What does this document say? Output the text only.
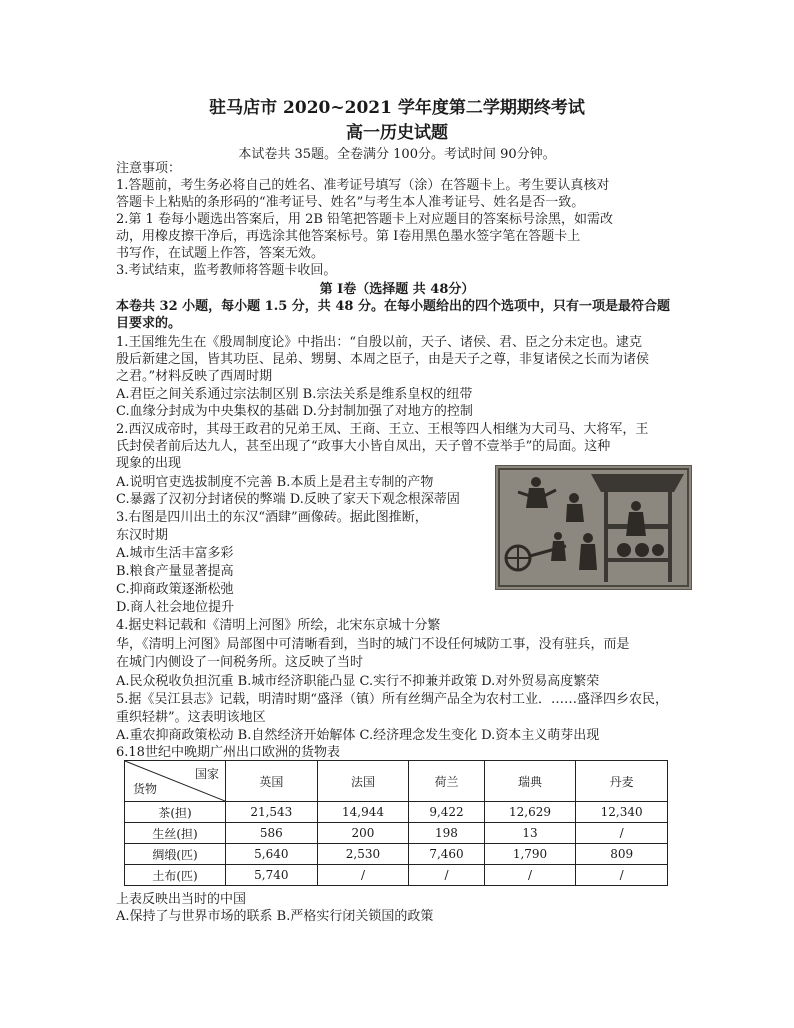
驻马店市 2020~2021 学年度第二学期期终考试
高一历史试题
本试卷共 35题。全卷满分 100分。考试时间 90分钟。
注意事项：
1.答题前，考生务必将自己的姓名、准考证号填写（涂）在答题卡上。考生要认真核对
答题卡上粘贴的条形码的“准考证号、姓名”与考生本人准考证号、姓名是否一致。
2.第 1 卷每小题选出答案后，用 2B 铅笔把答题卡上对应题目的答案标号涂黑，如需改
动，用橡皮擦干净后，再选涂其他答案标号。第 I卷用黑色墨水签字笔在答题卡上
书写作，在试题上作答，答案无效。
3.考试结束，监考教师将答题卡收回。
第 I卷（选择题 共 48分）
本卷共 32 小题，每小题 1.5 分，共 48 分。在每小题给出的四个选项中，只有一项是最符合题
目要求的。
1.王国维先生在《殷周制度论》中指出：“自殷以前，天子、诸侯、君、臣之分未定也。逮克
殷后新建之国，皆其功臣、昆弟、甥舅、本周之臣子，由是天子之尊，非复诸侯之长而为诸侯
之君。”材料反映了西周时期
A.君臣之间关系通过宗法制区别 B.宗法关系是维系皇权的纽带
C.血缘分封成为中央集权的基础 D.分封制加强了对地方的控制
2.西汉成帝时，其母王政君的兄弟王凤、王商、王立、王根等四人相继为大司马、大将军，王
氏封侯者前后达九人，甚至出现了“政事大小皆自凤出，天子曾不壹举手”的局面。这种
现象的出现
A.说明官吏选拔制度不完善 B.本质上是君主专制的产物
C.暴露了汉初分封诸侯的弊端 D.反映了家天下观念根深蒂固
3.右图是四川出土的东汉“酒肆”画像砖。据此图推断，
东汉时期
A.城市生活丰富多彩
B.粮食产量显著提高
C.抑商政策逐渐松弛
D.商人社会地位提升
4.据史料记载和《清明上河图》所绘，北宋东京城十分繁
华，《清明上河图》局部图中可清晰看到，当时的城门不设任何城防工事，没有驻兵，而是
在城门内侧设了一间税务所。这反映了当时
A.民众税收负担沉重 B.城市经济职能凸显 C.实行不抑兼并政策 D.对外贸易高度繁荣
5.据《吴江县志》记载，明清时期“盛泽（镇）所有丝绸产品全为农村工业．……盛泽四乡农民，
重织轻耕”。这表明该地区
A.重农抑商政策松动 B.自然经济开始解体 C.经济理念发生变化 D.资本主义萌芽出现
6.18世纪中晚期广州出口欧洲的货物表
国家
货物	英国	法国	荷兰	瑞典	丹麦
茶(担)	21,543	14,944	9,422	12,629	12,340
生丝(担)	586	200	198	13	/
绸缎(匹)	5,640	2,530	7,460	1,790	809
土布(匹)	5,740	/	/	/	/
上表反映出当时的中国
A.保持了与世界市场的联系 B.严格实行闭关锁国的政策
